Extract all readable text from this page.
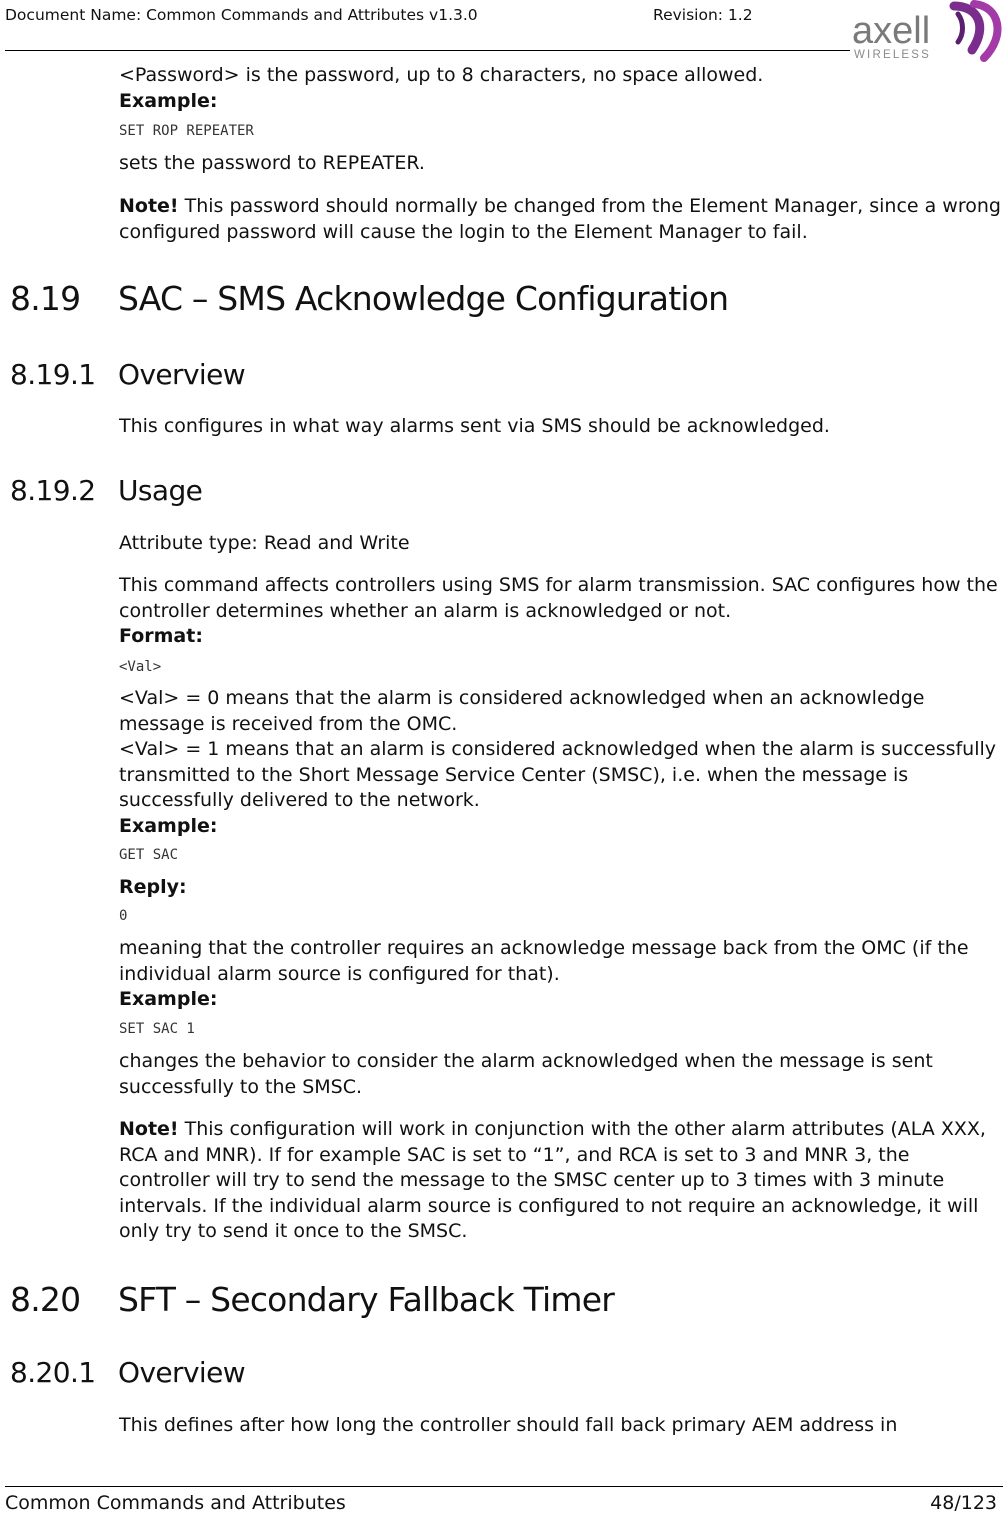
Document Name: Common Commands and Attributes v1.3.0	Revision: 1.2	axell
WIRELESS

<Password> is the password, up to 8 characters, no space allowed.

Example:

SET ROP REPEATER

sets the password to REPEATER.

Note! This password should normally be changed from the Element Manager, since a wrong configured password will cause the login to the Element Manager to fail.

8.19 SAC – SMS Acknowledge Configuration
8.19.1 Overview

This configures in what way alarms sent via SMS should be acknowledged.

8.19.2 Usage

Attribute type: Read and Write

This command affects controllers using SMS for alarm transmission. SAC configures how the controller determines whether an alarm is acknowledged or not.

Format:

<Val>

<Val> = 0 means that the alarm is considered acknowledged when an acknowledge message is received from the OMC.

<Val> = 1 means that an alarm is considered acknowledged when the alarm is successfully transmitted to the Short Message Service Center (SMSC), i.e. when the message is successfully delivered to the network.

Example:

GET SAC

Reply:

0

meaning that the controller requires an acknowledge message back from the OMC (if the individual alarm source is configured for that).

Example:

SET SAC 1

changes the behavior to consider the alarm acknowledged when the message is sent successfully to the SMSC.

Note! This configuration will work in conjunction with the other alarm attributes (ALA XXX, RCA and MNR). If for example SAC is set to “1”, and RCA is set to 3 and MNR 3, the controller will try to send the message to the SMSC center up to 3 times with 3 minute intervals. If the individual alarm source is configured to not require an acknowledge, it will only try to send it once to the SMSC.

8.20 SFT – Secondary Fallback Timer
8.20.1 Overview

This defines after how long the controller should fall back primary AEM address in

Common Commands and Attributes	48/123
